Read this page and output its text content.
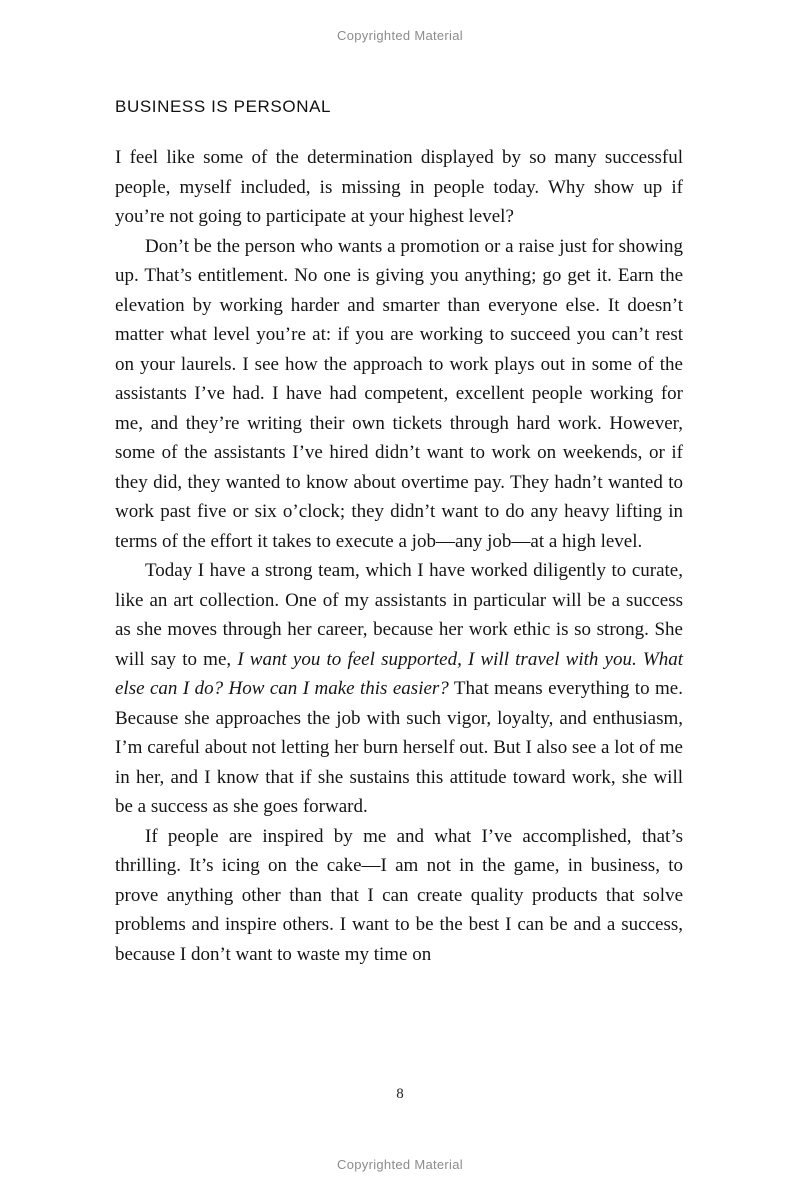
Copyrighted Material
BUSINESS IS PERSONAL

I feel like some of the determination displayed by so many successful people, myself included, is missing in people today. Why show up if you’re not going to participate at your highest level?

Don’t be the person who wants a promotion or a raise just for showing up. That’s entitlement. No one is giving you anything; go get it. Earn the elevation by working harder and smarter than everyone else. It doesn’t matter what level you’re at: if you are working to succeed you can’t rest on your laurels. I see how the approach to work plays out in some of the assistants I’ve had. I have had competent, excellent people working for me, and they’re writing their own tickets through hard work. However, some of the assistants I’ve hired didn’t want to work on weekends, or if they did, they wanted to know about overtime pay. They hadn’t wanted to work past five or six o’clock; they didn’t want to do any heavy lifting in terms of the effort it takes to execute a job—any job—at a high level.

Today I have a strong team, which I have worked diligently to curate, like an art collection. One of my assistants in particular will be a success as she moves through her career, because her work ethic is so strong. She will say to me, I want you to feel supported, I will travel with you. What else can I do? How can I make this easier? That means everything to me. Because she approaches the job with such vigor, loyalty, and enthusiasm, I’m careful about not letting her burn herself out. But I also see a lot of me in her, and I know that if she sustains this attitude toward work, she will be a success as she goes forward.

If people are inspired by me and what I’ve accomplished, that’s thrilling. It’s icing on the cake—I am not in the game, in business, to prove anything other than that I can create quality products that solve problems and inspire others. I want to be the best I can be and a success, because I don’t want to waste my time on

8
Copyrighted Material
